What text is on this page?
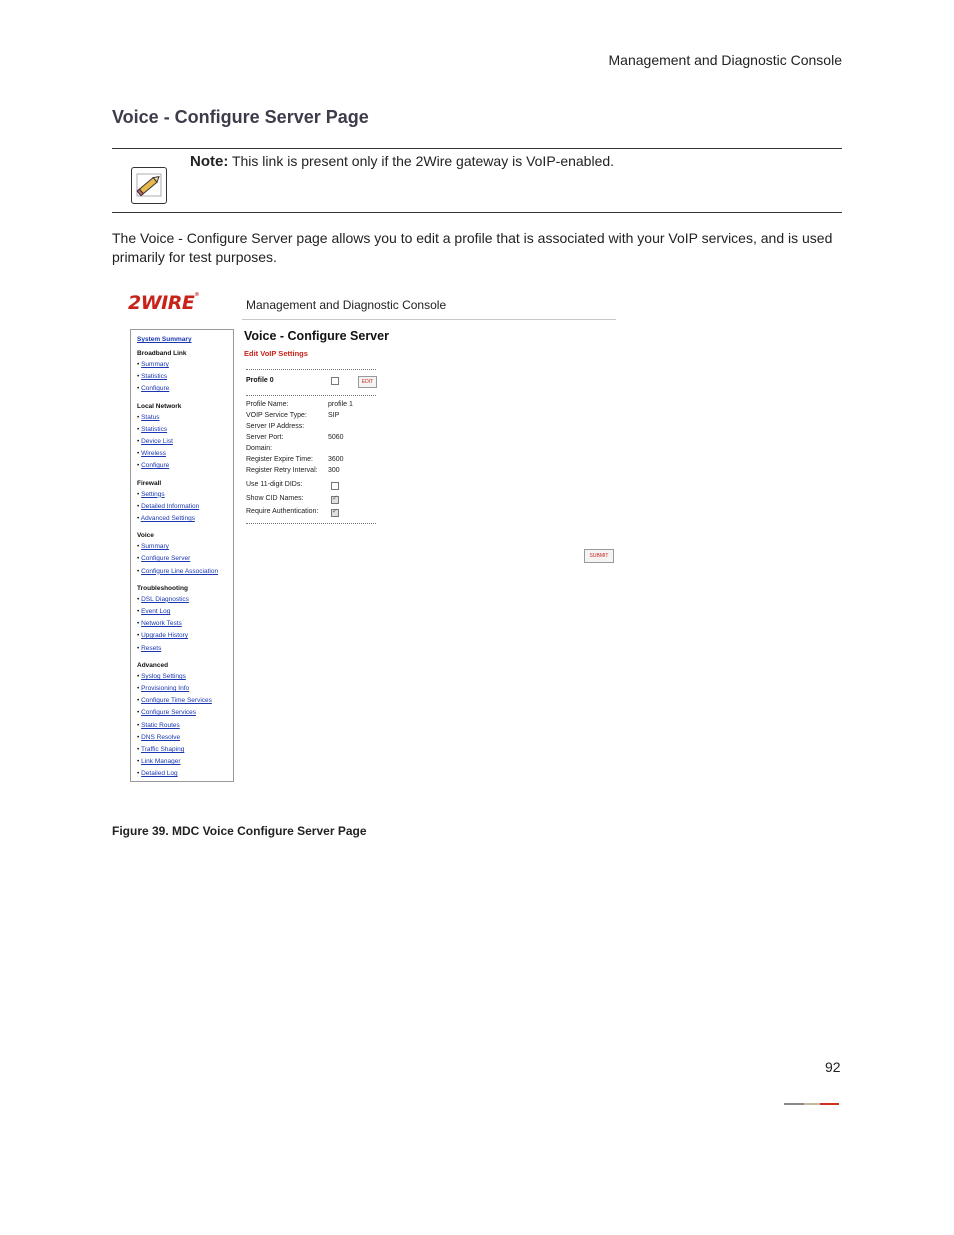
Management and Diagnostic Console
Voice - Configure Server Page
Note: This link is present only if the 2Wire gateway is VoIP-enabled.
The Voice - Configure Server page allows you to edit a profile that is associated with your VoIP services, and is used primarily for test purposes.
2WIRE®
Management and Diagnostic Console
System Summary
Broadband Link
• Summary
• Statistics
• Configure
Local Network
• Status
• Statistics
• Device List
• Wireless
• Configure
Firewall
• Settings
• Detailed Information
• Advanced Settings
Voice
• Summary
• Configure Server
• Configure Line Association
Troubleshooting
• DSL Diagnostics
• Event Log
• Network Tests
• Upgrade History
• Resets
Advanced
• Syslog Settings
• Provisioning Info
• Configure Time Services
• Configure Services
• Static Routes
• DNS Resolve
• Traffic Shaping
• Link Manager
• Detailed Log
Voice - Configure Server
Edit VoIP Settings
Profile 0	EDIT
Profile Name:	profile 1
VOIP Service Type:	SIP
Server IP Address:
Server Port:	5060
Domain:
Register Expire Time: 3600
Register Retry Interval: 300
Use 11-digit DIDs:
Show CID Names:
✓
Require Authentication:
✓
SUBMIT
Figure 39. MDC Voice Configure Server Page
92
